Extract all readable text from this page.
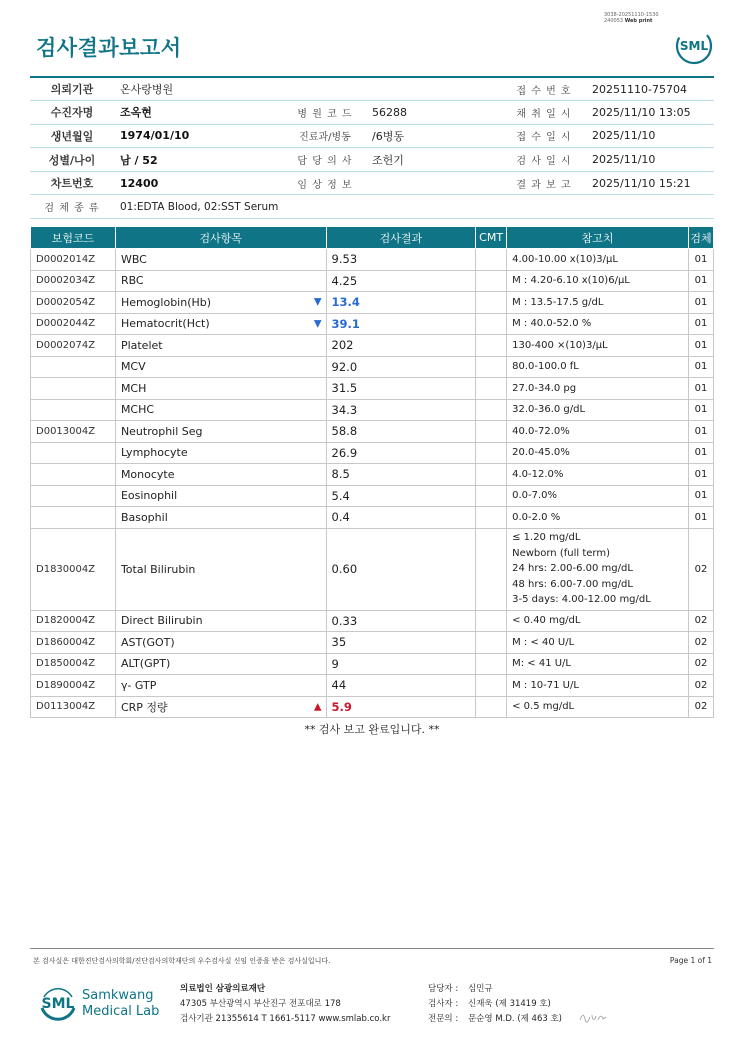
3038-20251110-1530
240053 Web print
검사결과보고서	SML
의뢰기관	온사랑병원			접 수 번 호	20251110-75704
수진자명	조옥현	병 원 코 드	56288	채 취 일 시	2025/11/10 13:05
생년월일	1974/01/10	진료과/병동	/6병동	접 수 일 시	2025/11/10
성별/나이	남 / 52	담 당 의 사	조헌기	검 사 일 시	2025/11/10
차트번호	12400	임 상 정 보		결 과 보 고	2025/11/10 15:21
검 체 종 류	01:EDTA Blood, 02:SST Serum				
보험코드	검사항목	검사결과	CMT	참고치	검체
D0002014Z	WBC	9.53		4.00-10.00 x(10)3/μL	01
D0002034Z	RBC	4.25		M : 4.20-6.10 x(10)6/μL	01
D0002054Z	Hemoglobin(Hb) ▼	13.4		M : 13.5-17.5 g/dL	01
D0002044Z	Hematocrit(Hct) ▼	39.1		M : 40.0-52.0 %	01
D0002074Z	Platelet	202		130-400 ×(10)3/μL	01
	MCV	92.0		80.0-100.0 fL	01
	MCH	31.5		27.0-34.0 pg	01
	MCHC	34.3		32.0-36.0 g/dL	01
D0013004Z	Neutrophil Seg	58.8		40.0-72.0%	01
	Lymphocyte	26.9		20.0-45.0%	01
	Monocyte	8.5		4.0-12.0%	01
	Eosinophil	5.4		0.0-7.0%	01
	Basophil	0.4		0.0-2.0 %	01
D1830004Z	Total Bilirubin	0.60		≤ 1.20 mg/dL
Newborn (full term)
24 hrs: 2.00-6.00 mg/dL
48 hrs: 6.00-7.00 mg/dL
3-5 days: 4.00-12.00 mg/dL	02
D1820004Z	Direct Bilirubin	0.33		< 0.40 mg/dL	02
D1860004Z	AST(GOT)	35		M : < 40 U/L	02
D1850004Z	ALT(GPT)	9		M: < 41 U/L	02
D1890004Z	γ- GTP	44		M : 10-71 U/L	02
D0113004Z	CRP 정량 ▲	5.9		< 0.5 mg/dL	02
** 검사 보고 완료입니다. **
본 검사실은 대한진단검사의학회/진단검사의학재단의 우수검사실 신임 인증을 받은 검사실입니다.	Page 1 of 1
SML
Samkwang
Medical Lab
의료법인 삼광의료재단
47305 부산광역시 부산진구 전포대로 178
검사기관 21355614 T 1661-5117 www.smlab.co.kr
담당자 : 심민규
검사자 : 신재욱 (제 31419 호)
전문의 : 문순영 M.D. (제 463 호)
